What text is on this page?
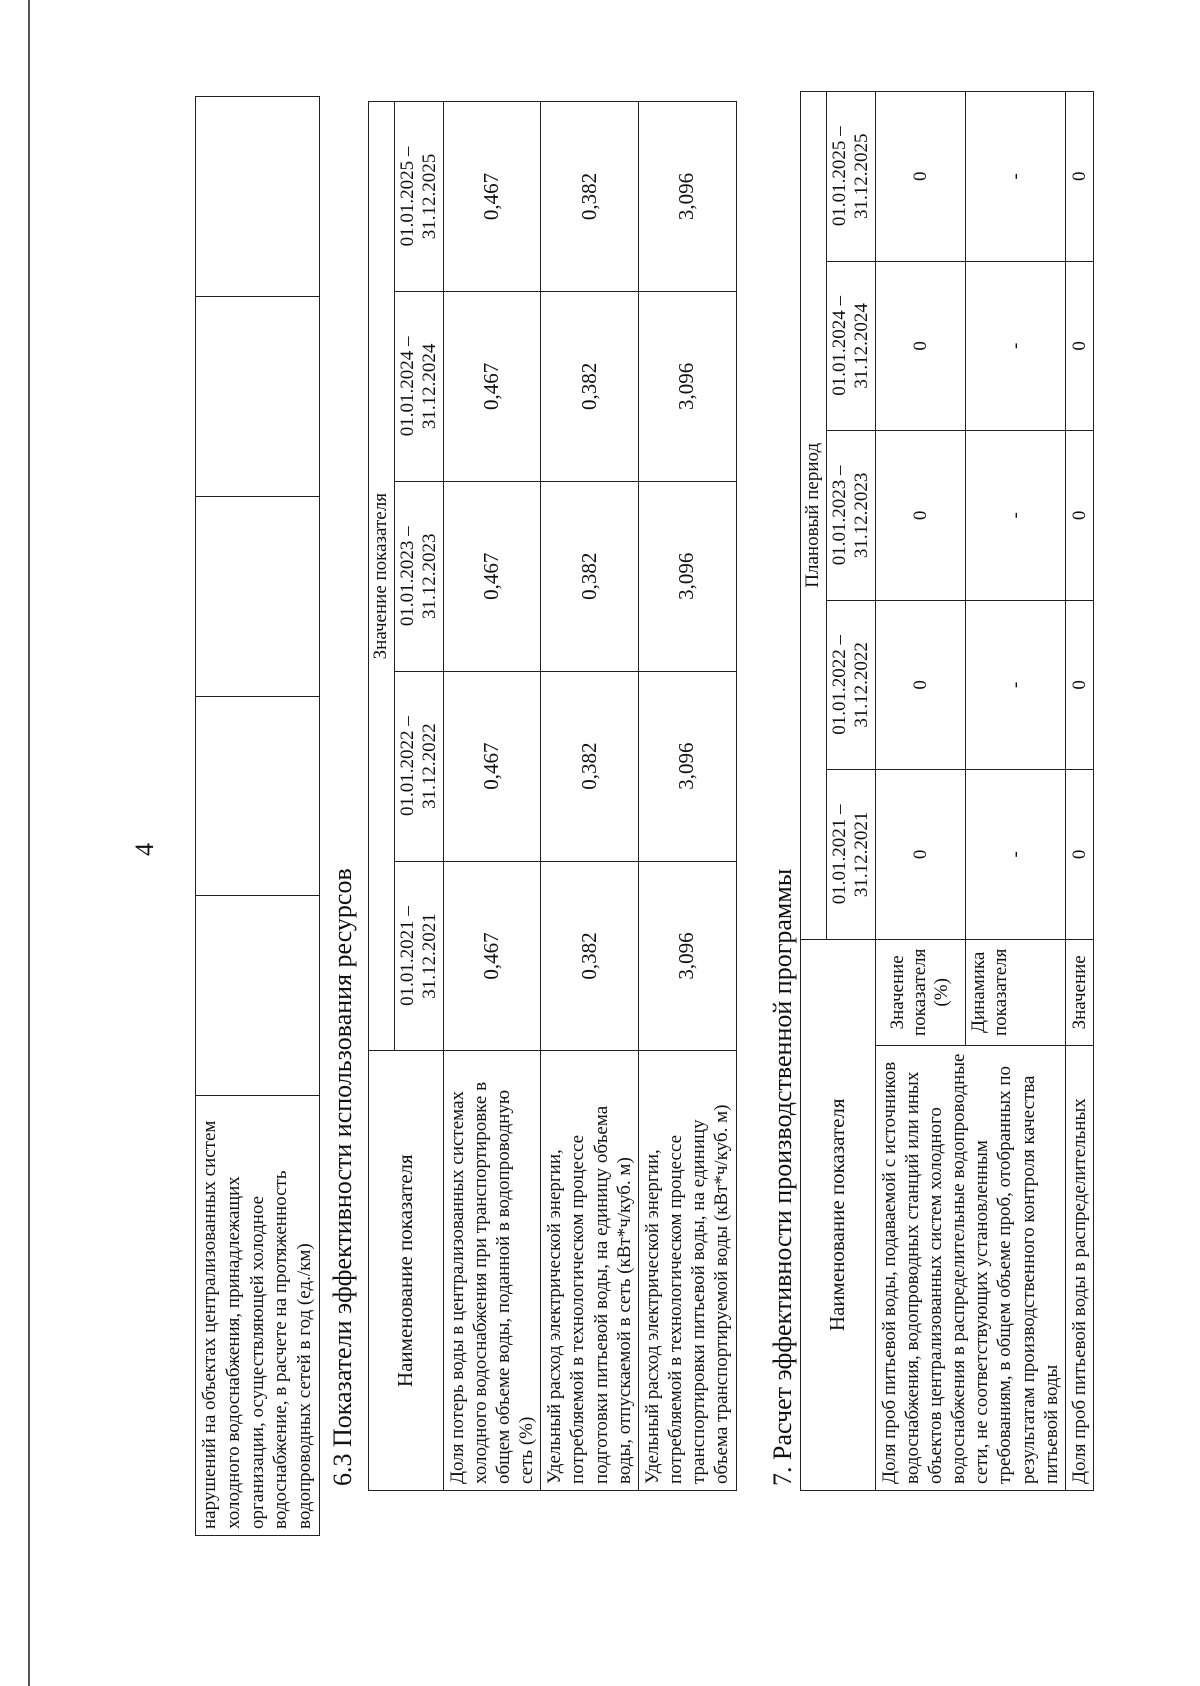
4
нарушений на объектах централизованных систем холодного водоснабжения, принадлежащих организации, осуществляющей холодное водоснабжение, в расчете на протяженность водопроводных сетей в год (ед./км)					6.3 Показатели эффективности использования ресурсов Наименование показателя	Значение показателя				
	01.01.2021 – 31.12.2021	01.01.2022 – 31.12.2022	01.01.2023 – 31.12.2023	01.01.2024 – 31.12.2024	01.01.2025 – 31.12.2025
Доля потерь воды в централизованных системах холодного водоснабжения при транспортировке в общем объеме воды, поданной в водопроводную сеть (%)	0,467	0,467	0,467	0,467	0,467
Удельный расход электрической энергии, потребляемой в технологическом процессе подготовки питьевой воды, на единицу объема воды, отпускаемой в сеть (кВт*ч/куб. м)	0,382	0,382	0,382	0,382	0,382
Удельный расход электрической энергии, потребляемой в технологическом процессе транспортировки питьевой воды, на единицу объема транспортируемой воды (кВт*ч/куб. м)	3,096	3,096	3,096	3,096	3,096
7. Расчет эффективности производственной программы Наименование показателя		Плановый период				
		01.01.2021 – 31.12.2021	01.01.2022 – 31.12.2022	01.01.2023 – 31.12.2023	01.01.2024 – 31.12.2024	01.01.2025 – 31.12.2025
Доля проб питьевой воды, подаваемой с источников водоснабжения, водопроводных станций или иных объектов централизованных систем холодного водоснабжения в распределительные водопроводные сети, не соответствующих установленным требованиям, в общем объеме проб, отобранных по результатам производственного контроля качества питьевой воды	Значение показателя (%)	0	0	0	0	0
	Динамика показателя	-	-	-	-	-
Доля проб питьевой воды в распределительных	Значение	0	0	0	0	0
